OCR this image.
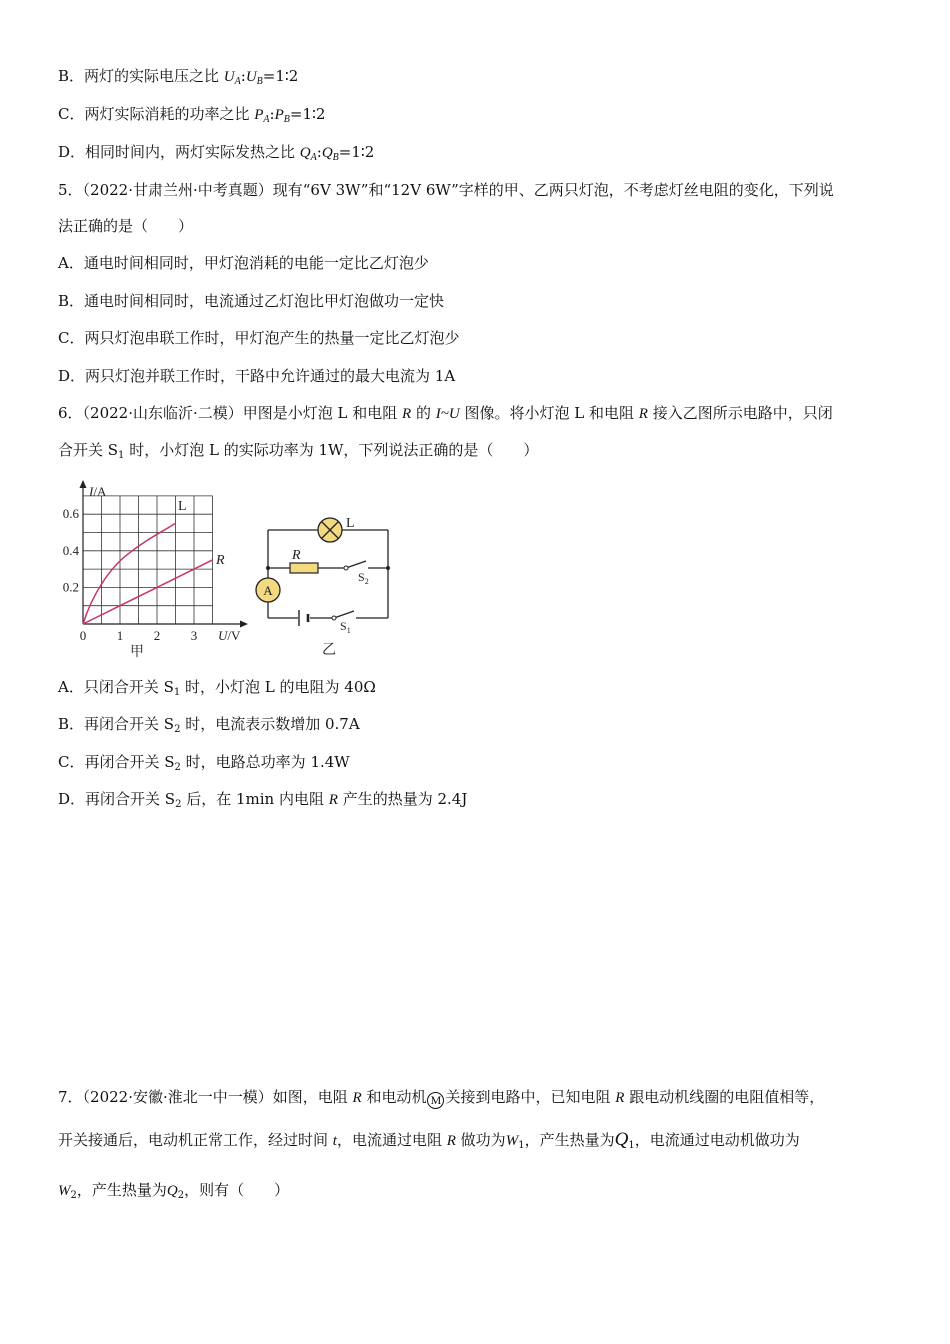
B．两灯的实际电压之比 $U_A:U_B=1∶2$
C．两灯实际消耗的功率之比 $P_A:P_B=1∶2$
D．相同时间内，两灯实际发热之比 $Q_A:Q_B=1∶2$
5．（2022·甘肃兰州·中考真题）现有“6V 3W”和“12V 6W”字样的甲、乙两只灯泡，不考虑灯丝电阻的变化，下列说
法正确的是（　　）
A．通电时间相同时，甲灯泡消耗的电能一定比乙灯泡少
B．通电时间相同时，电流通过乙灯泡比甲灯泡做功一定快
C．两只灯泡串联工作时，甲灯泡产生的热量一定比乙灯泡少
D．两只灯泡并联工作时，干路中允许通过的最大电流为 1A
6．（2022·山东临沂·二模）甲图是小灯泡 L 和电阻 R 的 I~U 图像。将小灯泡 L 和电阻 R 接入乙图所示电路中，只闭
合开关 $S_1$ 时，小灯泡 L 的实际功率为 1W，下列说法正确的是（　　）
L
R
0.6
0.4
0.2
0 1 2 3
I/A
U/V
甲
A
L
R
$S_2$
$S_1$
乙
A．只闭合开关 $S_1$ 时，小灯泡 L 的电阻为 40Ω
B．再闭合开关 $S_2$ 时，电流表示数增加 0.7A
C．再闭合开关 $S_2$ 时，电路总功率为 1.4W
D．再闭合开关 $S_2$ 后，在 1min 内电阻 R 产生的热量为 2.4J
7．（2022·安徽·淮北一中一模）如图，电阻 R 和电动机 M 关接到电路中，已知电阻 R 跟电动机线圈的电阻值相等，
开关接通后，电动机正常工作，经过时间 t，电流通过电阻 R 做功为$W_1$，产生热量为$Q_1$，电流通过电动机做功为
$W_2$，产生热量为$Q_2$，则有（　　）
